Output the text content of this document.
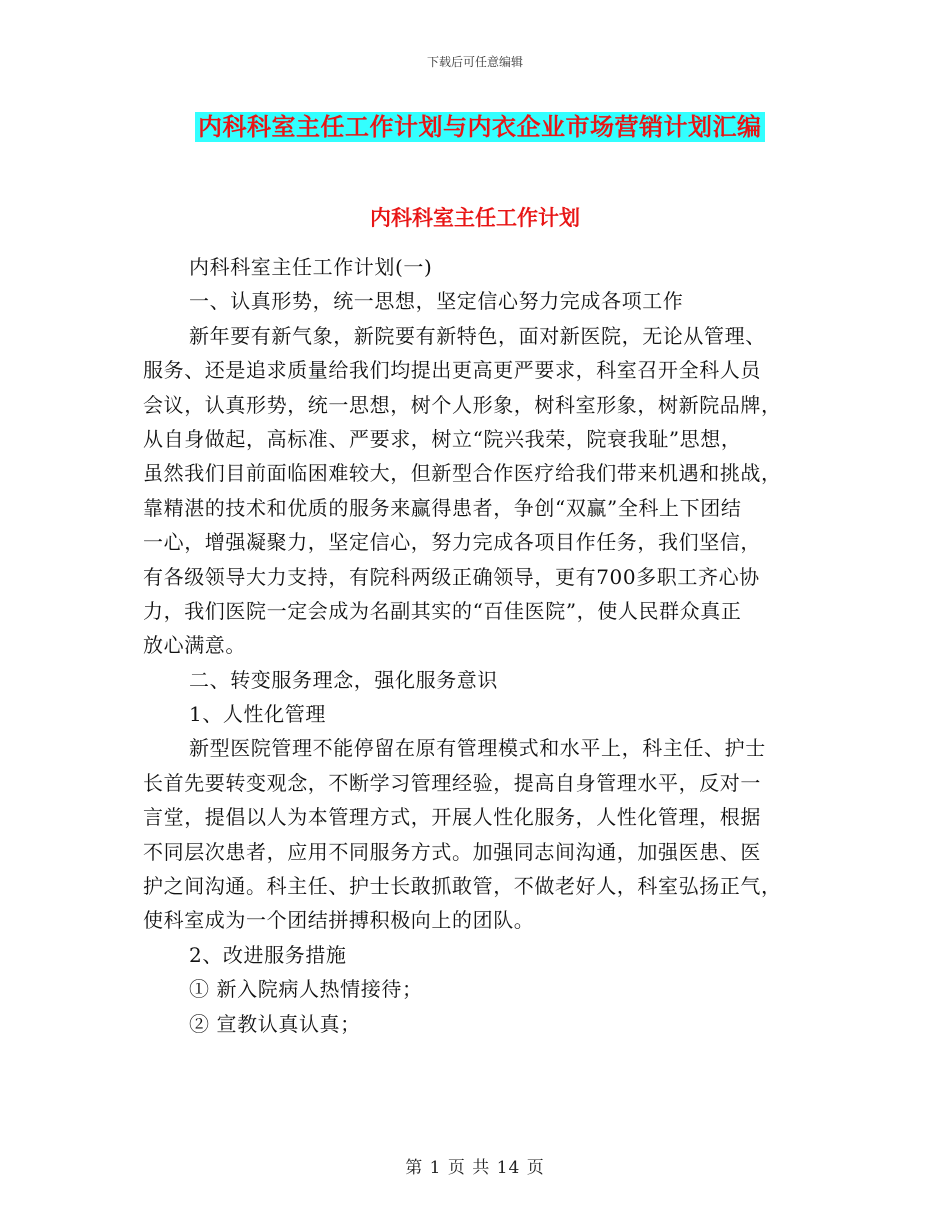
下载后可任意编辑
内科科室主任工作计划与内衣企业市场营销计划汇编
内科科室主任工作计划
内科科室主任工作计划(一)
一、认真形势，统一思想，坚定信心努力完成各项工作
新年要有新气象，新院要有新特色，面对新医院，无论从管理、
服务、还是追求质量给我们均提出更高更严要求，科室召开全科人员
会议，认真形势，统一思想，树个人形象，树科室形象，树新院品牌，
从自身做起，高标准、严要求，树立“院兴我荣，院衰我耻”思想，
虽然我们目前面临困难较大，但新型合作医疗给我们带来机遇和挑战，
靠精湛的技术和优质的服务来赢得患者，争创“双赢”全科上下团结
一心，增强凝聚力，坚定信心，努力完成各项目作任务，我们坚信，
有各级领导大力支持，有院科两级正确领导，更有700多职工齐心协
力，我们医院一定会成为名副其实的“百佳医院”，使人民群众真正
放心满意。
二、转变服务理念，强化服务意识
1、人性化管理
新型医院管理不能停留在原有管理模式和水平上，科主任、护士
长首先要转变观念，不断学习管理经验，提高自身管理水平，反对一
言堂，提倡以人为本管理方式，开展人性化服务，人性化管理，根据
不同层次患者，应用不同服务方式。加强同志间沟通，加强医患、医
护之间沟通。科主任、护士长敢抓敢管，不做老好人，科室弘扬正气，
使科室成为一个团结拼搏积极向上的团队。
2、改进服务措施
① 新入院病人热情接待；
② 宣教认真认真；
第 1 页 共 14 页
